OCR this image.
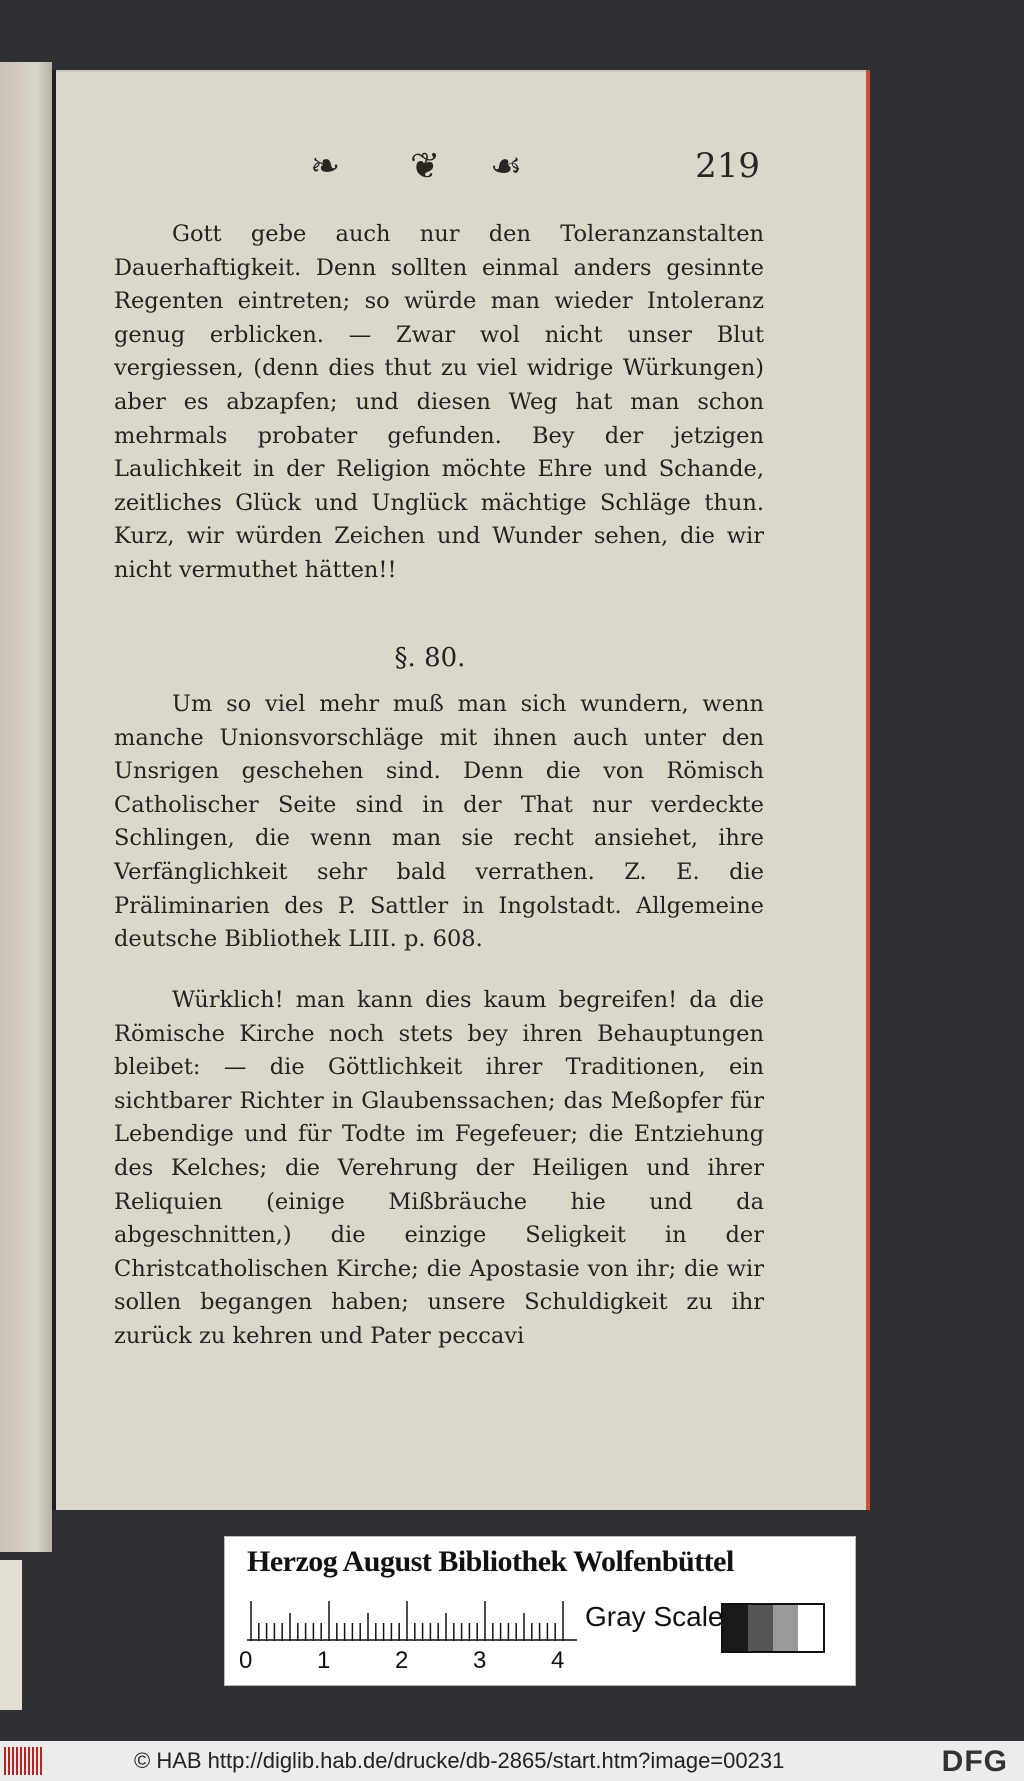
❧ ❦ ☙	219

Gott gebe auch nur den Toleranzanstalten Dauerhaftigkeit. Denn sollten einmal anders gesinnte Regenten eintreten; so würde man wieder Intoleranz genug erblicken. — Zwar wol nicht unser Blut vergiessen, (denn dies thut zu viel widrige Würkungen) aber es abzapfen; und diesen Weg hat man schon mehrmals probater gefunden. Bey der jetzigen Laulichkeit in der Religion möchte Ehre und Schande, zeitliches Glück und Unglück mächtige Schläge thun. Kurz, wir würden Zeichen und Wunder sehen, die wir nicht vermuthet hätten!!

§. 80.

Um so viel mehr muß man sich wundern, wenn manche Unionsvorschläge mit ihnen auch unter den Unsrigen geschehen sind. Denn die von Römisch Catholischer Seite sind in der That nur verdeckte Schlingen, die wenn man sie recht ansiehet, ihre Verfänglichkeit sehr bald verrathen. Z. E. die Präliminarien des P. Sattler in Ingolstadt. Allgemeine deutsche Bibliothek LIII. p. 608.

Würklich! man kann dies kaum begreifen! da die Römische Kirche noch stets bey ihren Behauptungen bleibet: — die Göttlichkeit ihrer Traditionen, ein sichtbarer Richter in Glaubenssachen; das Meßopfer für Lebendige und für Todte im Fegefeuer; die Entziehung des Kelches; die Verehrung der Heiligen und ihrer Reliquien (einige Mißbräuche hie und da abgeschnitten,) die einzige Seligkeit in der Christcatholischen Kirche; die Apostasie von ihr; die wir sollen begangen haben; unsere Schuldigkeit zu ihr zurück zu kehren und Pater peccavi

Herzog August Bibliothek Wolfenbüttel
0	1	2	3	4
Gray Scale
© HAB http://diglib.hab.de/drucke/db-2865/start.htm?image=00231	DFG
